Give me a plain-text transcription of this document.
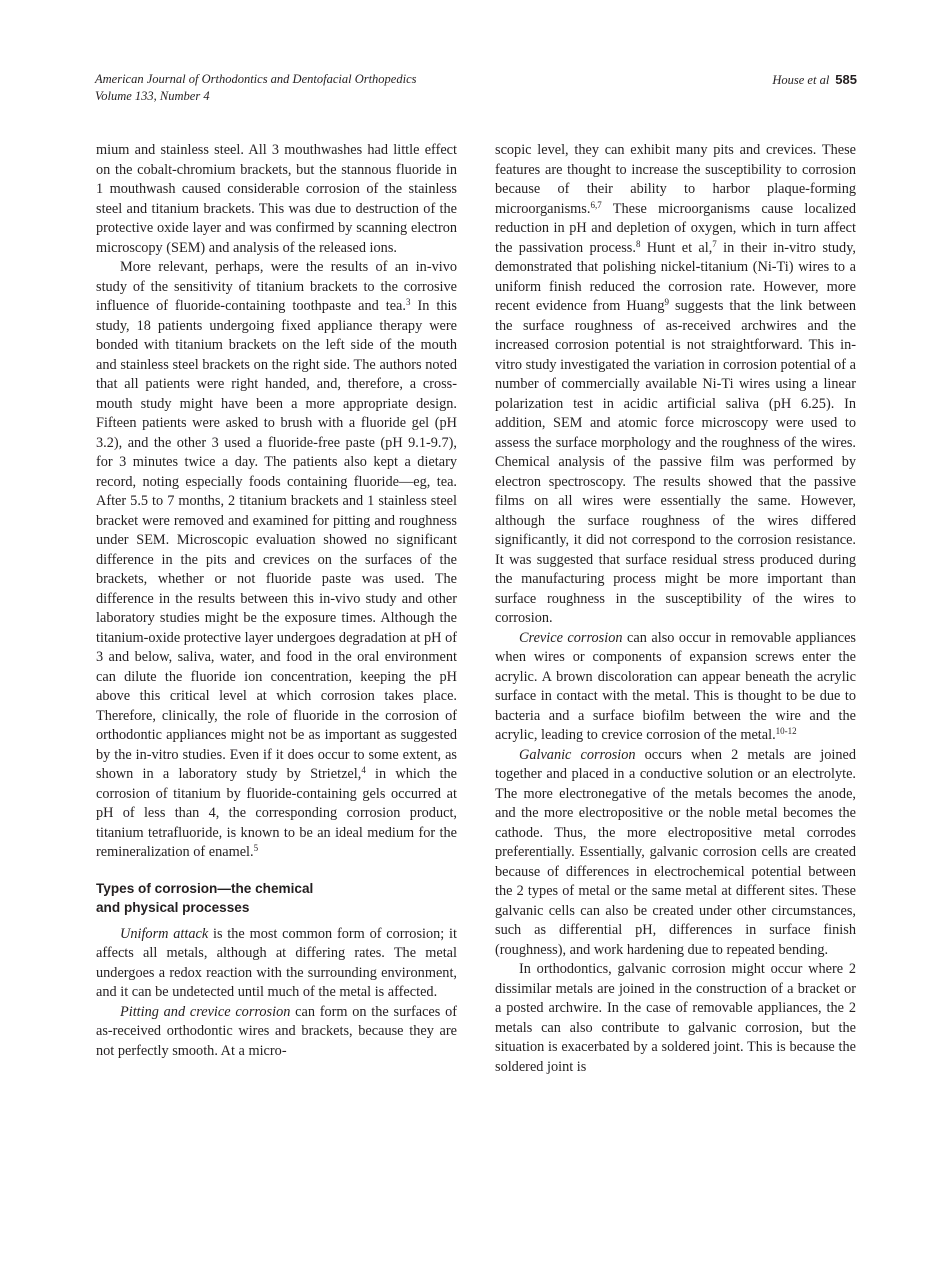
American Journal of Orthodontics and Dentofacial Orthopedics
Volume 133, Number 4
House et al 585

mium and stainless steel. All 3 mouthwashes had little effect on the cobalt-chromium brackets, but the stannous fluoride in 1 mouthwash caused considerable corrosion of the stainless steel and titanium brackets. This was due to destruction of the protective oxide layer and was confirmed by scanning electron microscopy (SEM) and analysis of the released ions.

More relevant, perhaps, were the results of an in-vivo study of the sensitivity of titanium brackets to the corrosive influence of fluoride-containing toothpaste and tea.$^3$ In this study, 18 patients undergoing fixed appliance therapy were bonded with titanium brackets on the left side of the mouth and stainless steel brackets on the right side. The authors noted that all patients were right handed, and, therefore, a cross-mouth study might have been a more appropriate design. Fifteen patients were asked to brush with a fluoride gel (pH 3.2), and the other 3 used a fluoride-free paste (pH 9.1-9.7), for 3 minutes twice a day. The patients also kept a dietary record, noting especially foods containing fluoride—eg, tea. After 5.5 to 7 months, 2 titanium brackets and 1 stainless steel bracket were removed and examined for pitting and roughness under SEM. Microscopic evaluation showed no significant difference in the pits and crevices on the surfaces of the brackets, whether or not fluoride paste was used. The difference in the results between this in-vivo study and other laboratory studies might be the exposure times. Although the titanium-oxide protective layer undergoes degradation at pH of 3 and below, saliva, water, and food in the oral environment can dilute the fluoride ion concentration, keeping the pH above this critical level at which corrosion takes place. Therefore, clinically, the role of fluoride in the corrosion of orthodontic appliances might not be as important as suggested by the in-vitro studies. Even if it does occur to some extent, as shown in a laboratory study by Strietzel,$^4$ in which the corrosion of titanium by fluoride-containing gels occurred at pH of less than 4, the corresponding corrosion product, titanium tetrafluoride, is known to be an ideal medium for the remineralization of enamel.$^5$

Types of corrosion—the chemical
and physical processes

Uniform attack is the most common form of corrosion; it affects all metals, although at differing rates. The metal undergoes a redox reaction with the surrounding environment, and it can be undetected until much of the metal is affected.

Pitting and crevice corrosion can form on the surfaces of as-received orthodontic wires and brackets, because they are not perfectly smooth. At a micro-

scopic level, they can exhibit many pits and crevices. These features are thought to increase the susceptibility to corrosion because of their ability to harbor plaque-forming microorganisms.$^{6,7}$ These microorganisms cause localized reduction in pH and depletion of oxygen, which in turn affect the passivation process.$^8$ Hunt et al,$^7$ in their in-vitro study, demonstrated that polishing nickel-titanium (Ni-Ti) wires to a uniform finish reduced the corrosion rate. However, more recent evidence from Huang$^9$ suggests that the link between the surface roughness of as-received archwires and the increased corrosion potential is not straightforward. This in-vitro study investigated the variation in corrosion potential of a number of commercially available Ni-Ti wires using a linear polarization test in acidic artificial saliva (pH 6.25). In addition, SEM and atomic force microscopy were used to assess the surface morphology and the roughness of the wires. Chemical analysis of the passive film was performed by electron spectroscopy. The results showed that the passive films on all wires were essentially the same. However, although the surface roughness of the wires differed significantly, it did not correspond to the corrosion resistance. It was suggested that surface residual stress produced during the manufacturing process might be more important than surface roughness in the susceptibility of the wires to corrosion.

Crevice corrosion can also occur in removable appliances when wires or components of expansion screws enter the acrylic. A brown discoloration can appear beneath the acrylic surface in contact with the metal. This is thought to be due to bacteria and a surface biofilm between the wire and the acrylic, leading to crevice corrosion of the metal.$^{10-12}$

Galvanic corrosion occurs when 2 metals are joined together and placed in a conductive solution or an electrolyte. The more electronegative of the metals becomes the anode, and the more electropositive or the noble metal becomes the cathode. Thus, the more electropositive metal corrodes preferentially. Essentially, galvanic corrosion cells are created because of differences in electrochemical potential between the 2 types of metal or the same metal at different sites. These galvanic cells can also be created under other circumstances, such as differential pH, differences in surface finish (roughness), and work hardening due to repeated bending.

In orthodontics, galvanic corrosion might occur where 2 dissimilar metals are joined in the construction of a bracket or a posted archwire. In the case of removable appliances, the 2 metals can also contribute to galvanic corrosion, but the situation is exacerbated by a soldered joint. This is because the soldered joint is
